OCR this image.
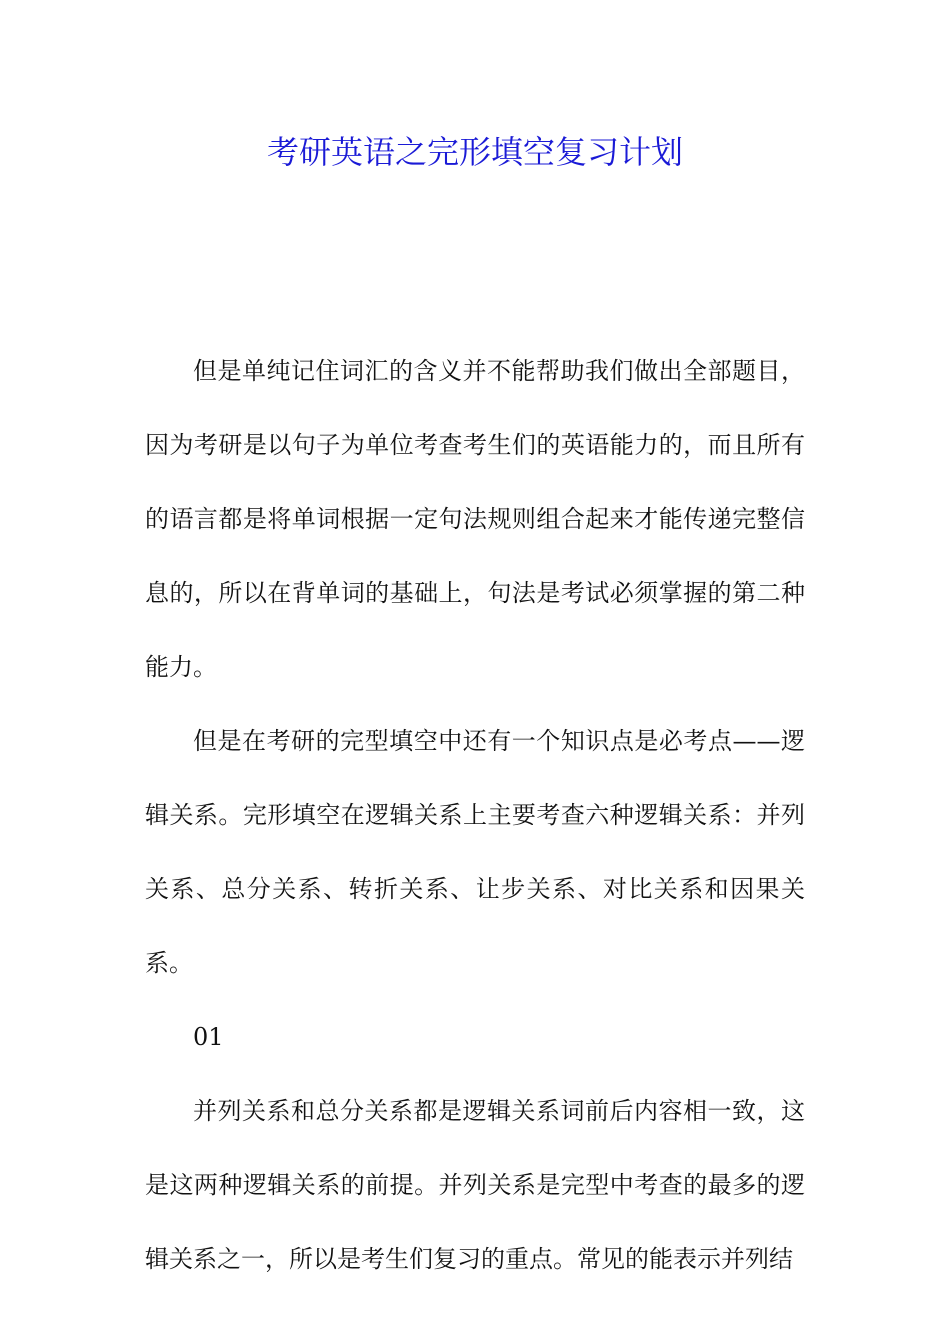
考研英语之完形填空复习计划

但是单纯记住词汇的含义并不能帮助我们做出全部题目，因为考研是以句子为单位考查考生们的英语能力的，而且所有的语言都是将单词根据一定句法规则组合起来才能传递完整信息的，所以在背单词的基础上，句法是考试必须掌握的第二种能力。

但是在考研的完型填空中还有一个知识点是必考点——逻辑关系。完形填空在逻辑关系上主要考查六种逻辑关系：并列关系、总分关系、转折关系、让步关系、对比关系和因果关系。

01

并列关系和总分关系都是逻辑关系词前后内容相一致，这是这两种逻辑关系的前提。并列关系是完型中考查的最多的逻辑关系之一，所以是考生们复习的重点。常见的能表示并列结
